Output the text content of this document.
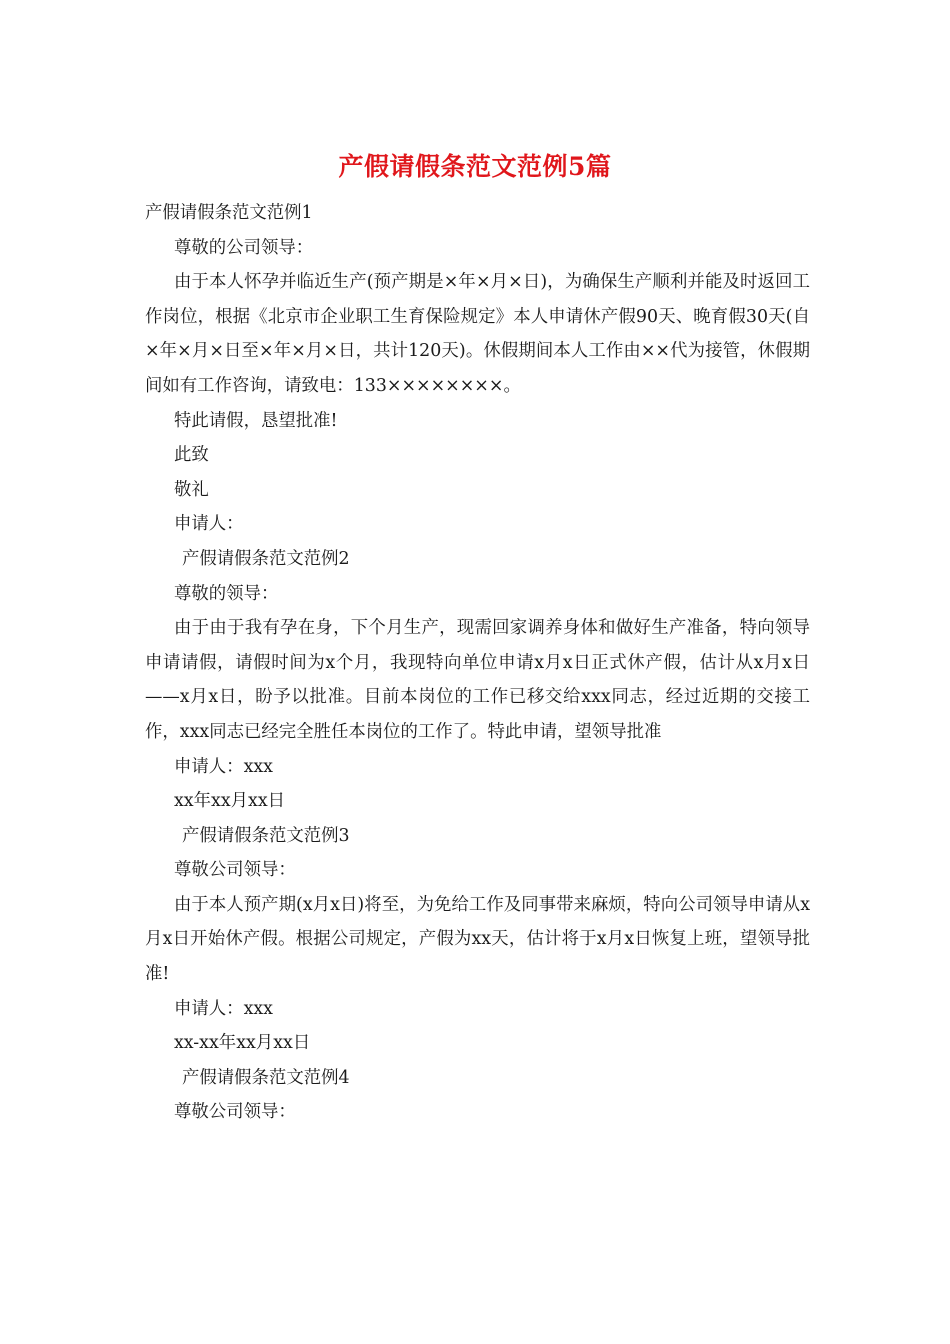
产假请假条范文范例5篇

产假请假条范文范例1

尊敬的公司领导：

由于本人怀孕并临近生产(预产期是×年×月×日)，为确保生产顺利并能及时返回工作岗位，根据《北京市企业职工生育保险规定》本人申请休产假90天、晚育假30天(自×年×月×日至×年×月×日，共计120天)。休假期间本人工作由××代为接管，休假期间如有工作咨询，请致电：133××××××××。

特此请假，恳望批准!

此致

敬礼

申请人：

产假请假条范文范例2

尊敬的领导：

由于由于我有孕在身，下个月生产，现需回家调养身体和做好生产准备，特向领导申请请假，请假时间为x个月，我现特向单位申请x月x日正式休产假，估计从x月x日——x月x日，盼予以批准。目前本岗位的工作已移交给xxx同志，经过近期的交接工作，xxx同志已经完全胜任本岗位的工作了。特此申请，望领导批准

申请人：xxx

xx年xx月xx日

产假请假条范文范例3

尊敬公司领导：

由于本人预产期(x月x日)将至，为免给工作及同事带来麻烦，特向公司领导申请从x月x日开始休产假。根据公司规定，产假为xx天，估计将于x月x日恢复上班，望领导批准!

申请人：xxx

xx-xx年xx月xx日

产假请假条范文范例4

尊敬公司领导：
